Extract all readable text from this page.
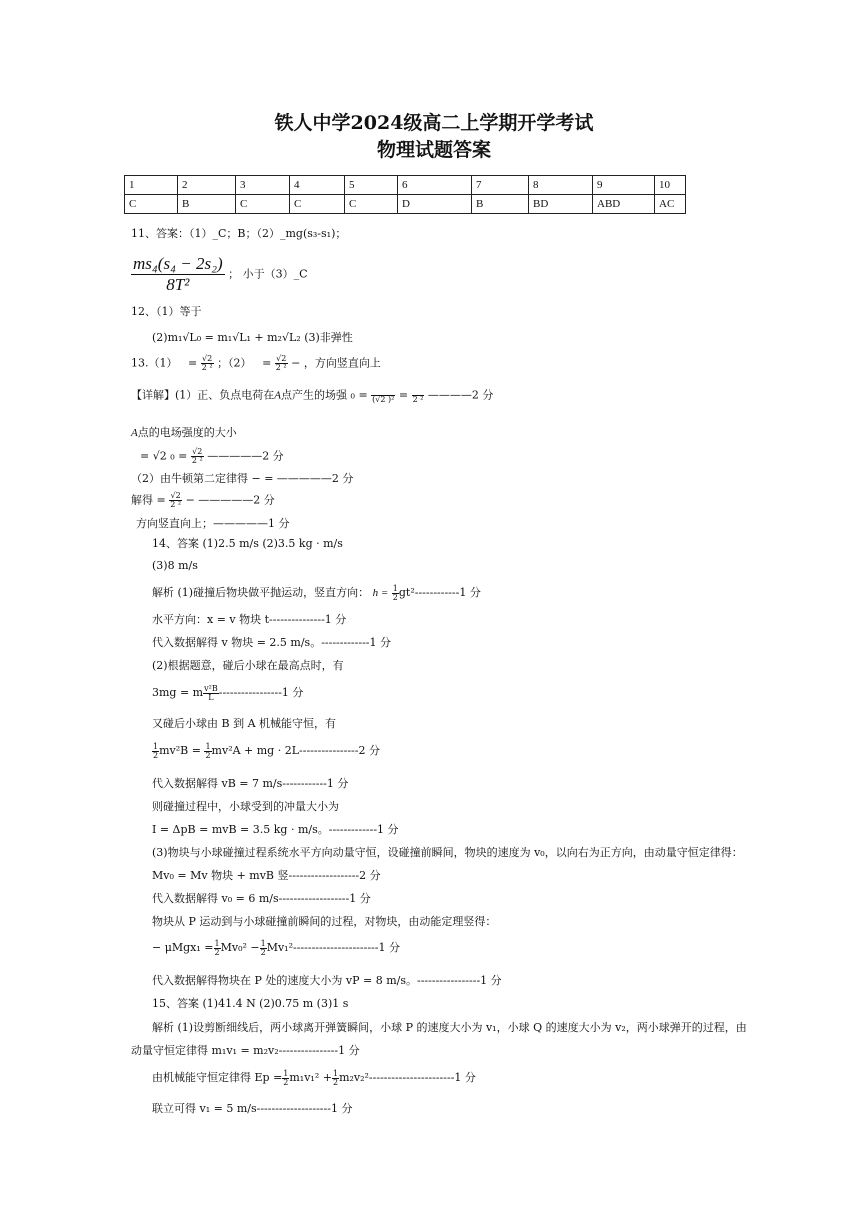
铁人中学2024级高二上学期开学考试
物理试题答案
1	2	3	4	5	6	7	8	9	10
C	B	C	C	C	D	B	BD	ABD	AC
11、答案：（1）_C；B；（2）_mg(s₃-s₁)；
$\frac{\text{ms₄(s₄ − 2s₂)}}{\text{8T²}}$ ； 小于（3）_C
12、（1）等于
(2)m₁√L₀ = m₁√L₁ + m₂√L₂ (3)非弹性
$13.(1) = \frac{√2}{\text{2 ²}}$ ；$(2) = \frac{√2}{\text{2 ²}}$ − ，方向竖直向上
【详解】(1）正、负点电荷在A点产生的场强 ₀ =
(√2 )² =
2 ² ————2 分
A点的电场强度的大小
= √2 $_0 = \frac{√2}{\text{2 ²}}$ —————2 分
（2）由牛顿第二定律得 − = —————2 分
解得 = $\frac{√2}{\text{2 ²}}$ − —————2 分
方向竖直向上；—————1 分
14、答案 (1)2.5 m/s (2)3.5 kg · m/s
(3)8 m/s
解析 (1)碰撞后物块做平抛运动，竖直方向： $h = \frac{1}{2} gt^2------------1$ 分
水平方向：x = v 物块 t---------------1 分
代入数据解得 v 物块 = 2.5 m/s。-------------1 分
(2)根据题意，碰后小球在最高点时，有
3mg = m $\frac{\text{v²B}}{L} -----------------1$ 分
又碰后小球由 B 到 A 机械能守恒，有
$\frac{1}{2} mv^2B = \frac{1}{2} mv^2A$ + mg · 2L----------------2 分
代入数据解得 vB = 7 m/s------------1 分
则碰撞过程中，小球受到的冲量大小为
I = ΔpB = mvB = 3.5 kg · m/s。-------------1 分
(3)物块与小球碰撞过程系统水平方向动量守恒，设碰撞前瞬间，物块的速度为 v₀，以向右为正方向，由动量守恒定律得：
Mv₀ = Mv 物块 + mvB 竖-------------------2 分
代入数据解得 v₀ = 6 m/s-------------------1 分
物块从 P 运动到与小球碰撞前瞬间的过程，对物块，由动能定理竖得：
− $\mu Mgx_1 = \frac{1}{2} Mv_0^2 - \frac{1}{2} Mv_1^2-----------------------1$ 分
代入数据解得物块在 P 处的速度大小为 vP = 8 m/s。-----------------1 分
15、答案 (1)41.4 N (2)0.75 m (3)1 s
解析 (1)设剪断细线后，两小球离开弹簧瞬间，小球 P 的速度大小为 v₁，小球 Q 的速度大小为 v₂，两小球弹开的过程，由
动量守恒定律得 m₁v₁ = m₂v₂----------------1 分
由机械能守恒定律得 $Ep = \frac{1}{2} m_1v_1^2 + \frac{1}{2} m_2v_2^2-----------------------1$ 分
联立可得 v₁ = 5 m/s--------------------1 分
